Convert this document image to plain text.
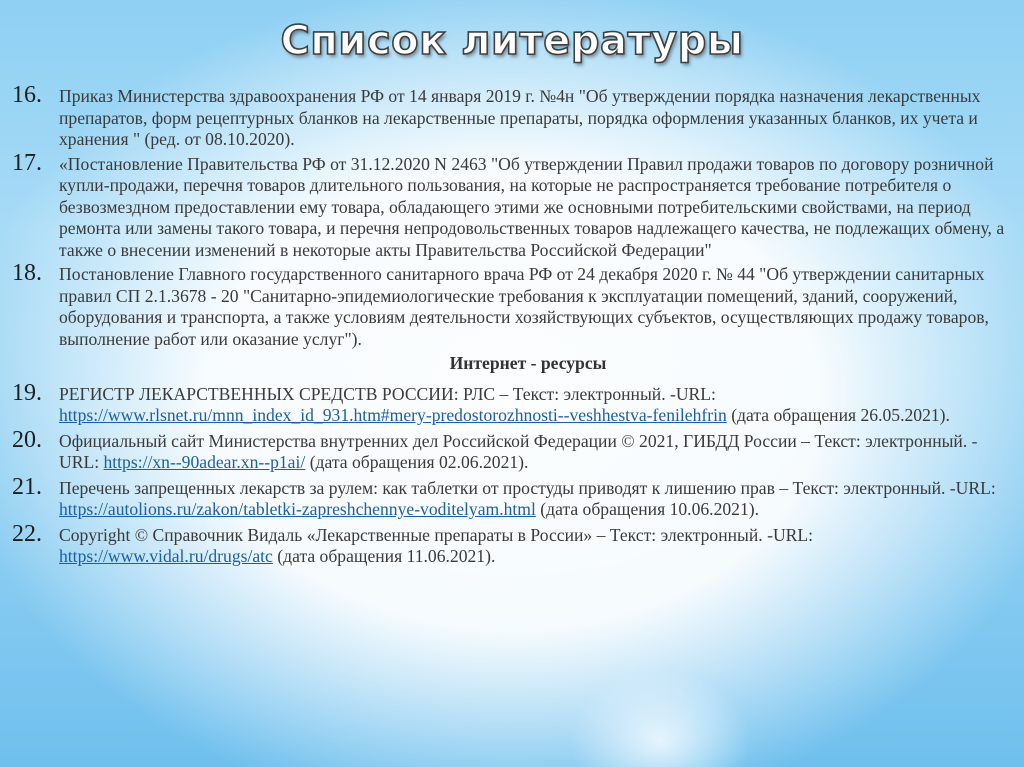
Список литературы
16. Приказ Министерства здравоохранения РФ от 14 января 2019 г. №4н "Об утверждении порядка назначения лекарственных препаратов, форм рецептурных бланков на лекарственные препараты, порядка оформления указанных бланков, их учета и хранения " (ред. от 08.10.2020).
17. «Постановление Правительства РФ от 31.12.2020 N 2463 "Об утверждении Правил продажи товаров по договору розничной купли-продажи, перечня товаров длительного пользования, на которые не распространяется требование потребителя о безвозмездном предоставлении ему товара, обладающего этими же основными потребительскими свойствами, на период ремонта или замены такого товара, и перечня непродовольственных товаров надлежащего качества, не подлежащих обмену, а также о внесении изменений в некоторые акты Правительства Российской Федерации"
18. Постановление Главного государственного санитарного врача РФ от 24 декабря 2020 г. № 44 "Об утверждении санитарных правил СП 2.1.3678 - 20 "Санитарно-эпидемиологические требования к эксплуатации помещений, зданий, сооружений, оборудования и транспорта, а также условиям деятельности хозяйствующих субъектов, осуществляющих продажу товаров, выполнение работ или оказание услуг").
Интернет - ресурсы
19. РЕГИСТР ЛЕКАРСТВЕННЫХ СРЕДСТВ РОССИИ: РЛС – Текст: электронный. -URL: https://www.rlsnet.ru/mnn_index_id_931.htm#mery-predostorozhnosti--veshhestva-fenilehfrin (дата обращения 26.05.2021).
20. Официальный сайт Министерства внутренних дел Российской Федерации © 2021, ГИБДД России – Текст: электронный. -URL: https://xn--90adear.xn--p1ai/ (дата обращения 02.06.2021).
21. Перечень запрещенных лекарств за рулем: как таблетки от простуды приводят к лишению прав – Текст: электронный. -URL: https://autolions.ru/zakon/tabletki-zapreshchennye-voditelyam.html (дата обращения 10.06.2021).
22. Copyright © Справочник Видаль «Лекарственные препараты в России» – Текст: электронный. -URL: https://www.vidal.ru/drugs/atc (дата обращения 11.06.2021).
